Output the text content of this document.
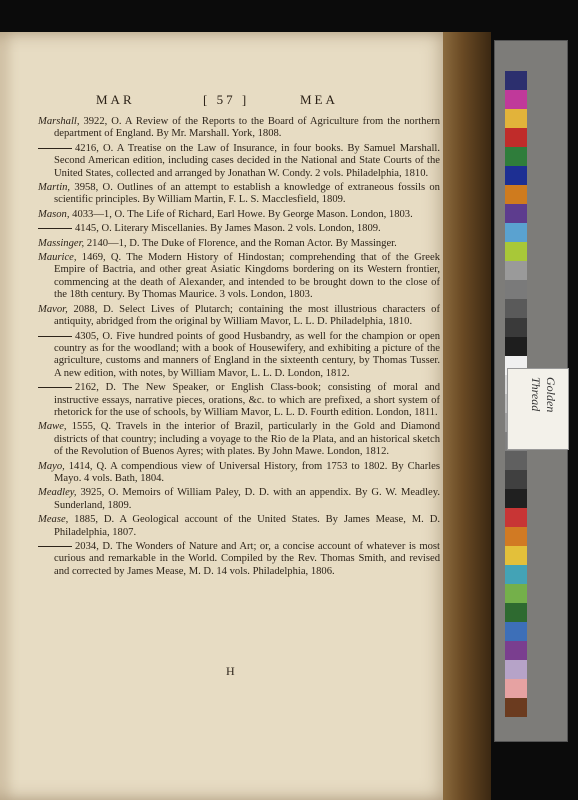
MAR	[ 57 ]	MEA
Marshall, 3922, O. A Review of the Reports to the Board of Agriculture from the northern department of England. By Mr. Marshall. York, 1808.
4216, O. A Treatise on the Law of Insurance, in four books. By Samuel Marshall. Second American edition, including cases decided in the National and State Courts of the United States, collected and arranged by Jonathan W. Condy. 2 vols. Philadelphia, 1810.
Martin, 3958, O. Outlines of an attempt to establish a knowledge of extraneous fossils on scientific principles. By William Martin, F. L. S. Macclesfield, 1809.
Mason, 4033—1, O. The Life of Richard, Earl Howe. By George Mason. London, 1803.
4145, O. Literary Miscellanies. By James Mason. 2 vols. London, 1809.
Massinger, 2140—1, D. The Duke of Florence, and the Roman Actor. By Massinger.
Maurice, 1469, Q. The Modern History of Hindostan; comprehending that of the Greek Empire of Bactria, and other great Asiatic Kingdoms bordering on its Western frontier, commencing at the death of Alexander, and intended to be brought down to the close of the 18th century. By Thomas Maurice. 3 vols. London, 1803.
Mavor, 2088, D. Select Lives of Plutarch; containing the most illustrious characters of antiquity, abridged from the original by William Mavor, L. L. D. Philadelphia, 1810.
4305, O. Five hundred points of good Husbandry, as well for the champion or open country as for the woodland; with a book of Housewifery, and exhibiting a picture of the agriculture, customs and manners of England in the sixteenth century, by Thomas Tusser. A new edition, with notes, by William Mavor, L. L. D. London, 1812.
2162, D. The New Speaker, or English Class-book; consisting of moral and instructive essays, narrative pieces, orations, &c. to which are prefixed, a short system of rhetorick for the use of schools, by William Mavor, L. L. D. Fourth edition. London, 1811.
Mawe, 1555, Q. Travels in the interior of Brazil, particularly in the Gold and Diamond districts of that country; including a voyage to the Rio de la Plata, and an historical sketch of the Revolution of Buenos Ayres; with plates. By John Mawe. London, 1812.
Mayo, 1414, Q. A compendious view of Universal History, from 1753 to 1802. By Charles Mayo. 4 vols. Bath, 1804.
Meadley, 3925, O. Memoirs of William Paley, D. D. with an appendix. By G. W. Meadley. Sunderland, 1809.
Mease, 1885, D. A Geological account of the United States. By James Mease, M. D. Philadelphia, 1807.
2034, D. The Wonders of Nature and Art; or, a concise account of whatever is most curious and remarkable in the World. Compiled by the Rev. Thomas Smith, and revised and corrected by James Mease, M. D. 14 vols. Philadelphia, 1806.
H
Golden Thread
